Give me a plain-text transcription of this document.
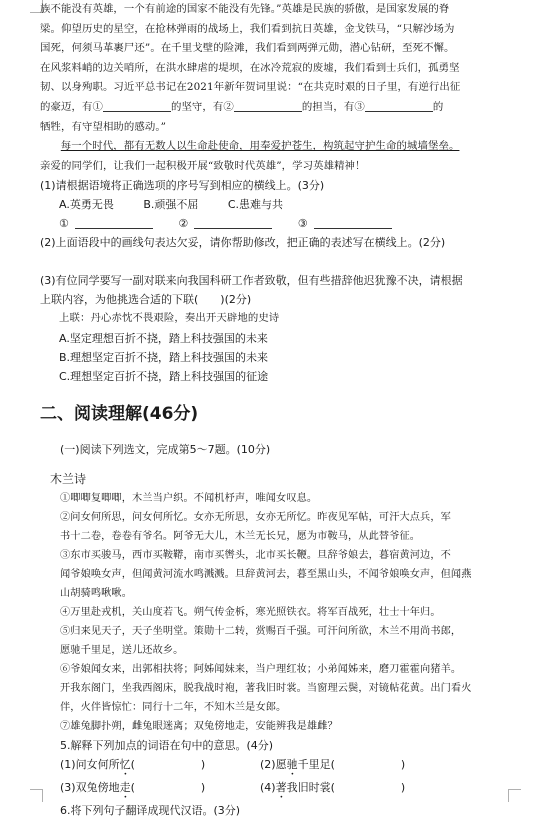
族不能没有英雄，一个有前途的国家不能没有先锋。”英雄是民族的骄傲，是国家发展的脊

梁。仰望历史的星空，在抢林弹雨的战场上，我们看到抗日英雄，金戈铁马，“只解沙场为

国死，何须马革裹尸还”。在千里戈壁的险滩，我们看到两弹元勋，潜心钻研，至死不懈。

在风浆料峭的边关哨所，在洪水肆虐的堤坝，在冰冷荒寂的废墟，我们看到士兵们，孤勇坚

韧、以身殉职。习近平总书记在2021年新年贺词里说：“在共克时艰的日子里，有逆行出征

的豪迈，有①	的坚守，有②	的担当，有③	的

牺牲，有守望相助的感动。”

每一个时代，都有无数人以生命赴使命，用奉爱护苍生，构筑起守护生命的城墙堡垒。

亲爱的同学们，让我们一起积极开展“致敬时代英雄”，学习英雄精神！

(1)请根据语境将正确选项的序号写到相应的横线上。(3分)

A.英勇无畏	B.顽强不屈	C.患难与共

①	②	③

(2)上面语段中的画线句表达欠妥，请你帮助修改，把正确的表述写在横线上。(2分)

(3)有位同学要写一副对联来向我国科研工作者致敬，但有些措辞他迟犹豫不决，请根据

上联内容，为他挑选合适的下联(　　)(2分)

上联：丹心赤忱不畏艰险，奏出开天辟地的史诗

A.坚定理想百折不挠，踏上科技强国的未来

B.理想坚定百折不挠，踏上科技强国的未来

C.理想坚定百折不挠，踏上科技强国的征途

二、阅读理解(46分)

(一)阅读下列选文，完成第5～7题。(10分)

木兰诗

①唧唧复唧唧，木兰当户织。不闻机杼声，唯闻女叹息。

②问女何所思，问女何所忆。女亦无所思，女亦无所忆。昨夜见军帖，可汗大点兵，军

书十二卷，卷卷有爷名。阿爷无大儿，木兰无长兄，愿为市鞍马，从此替爷征。

③东市买骏马，西市买鞍鞯，南市买辔头，北市买长鞭。旦辞爷娘去，暮宿黄河边，不

闻爷娘唤女声，但闻黄河流水鸣溅溅。旦辞黄河去，暮至黑山头，不闻爷娘唤女声，但闻燕

山胡骑鸣啾啾。

④万里赴戎机，关山度若飞。朔气传金柝，寒光照铁衣。将军百战死，壮士十年归。

⑤归来见天子，天子坐明堂。策勋十二转，赏赐百千强。可汗问所欲，木兰不用尚书郎，

愿驰千里足，送儿还故乡。

⑥爷娘闻女来，出郭相扶将；阿姊闻妹来，当户理红妆；小弟闻姊来，磨刀霍霍向猪羊。

开我东阁门，坐我西阁床，脱我战时袍，著我旧时裳。当窗理云鬓，对镜帖花黄。出门看火

伴，火伴皆惊忙：同行十二年，不知木兰是女郎。

⑦雄兔脚扑朔，雌兔眼迷离；双兔傍地走，安能辨我是雄雌？

5.解释下列加点的词语在句中的意思。(4分)

(1)问女何所忆(　　　　　　)	(2)愿驰千里足(　　　　　　)
(3)双兔傍地走(　　　　　　)	(4)著我旧时裳(　　　　　　)

6.将下列句子翻译成现代汉语。(3分)
